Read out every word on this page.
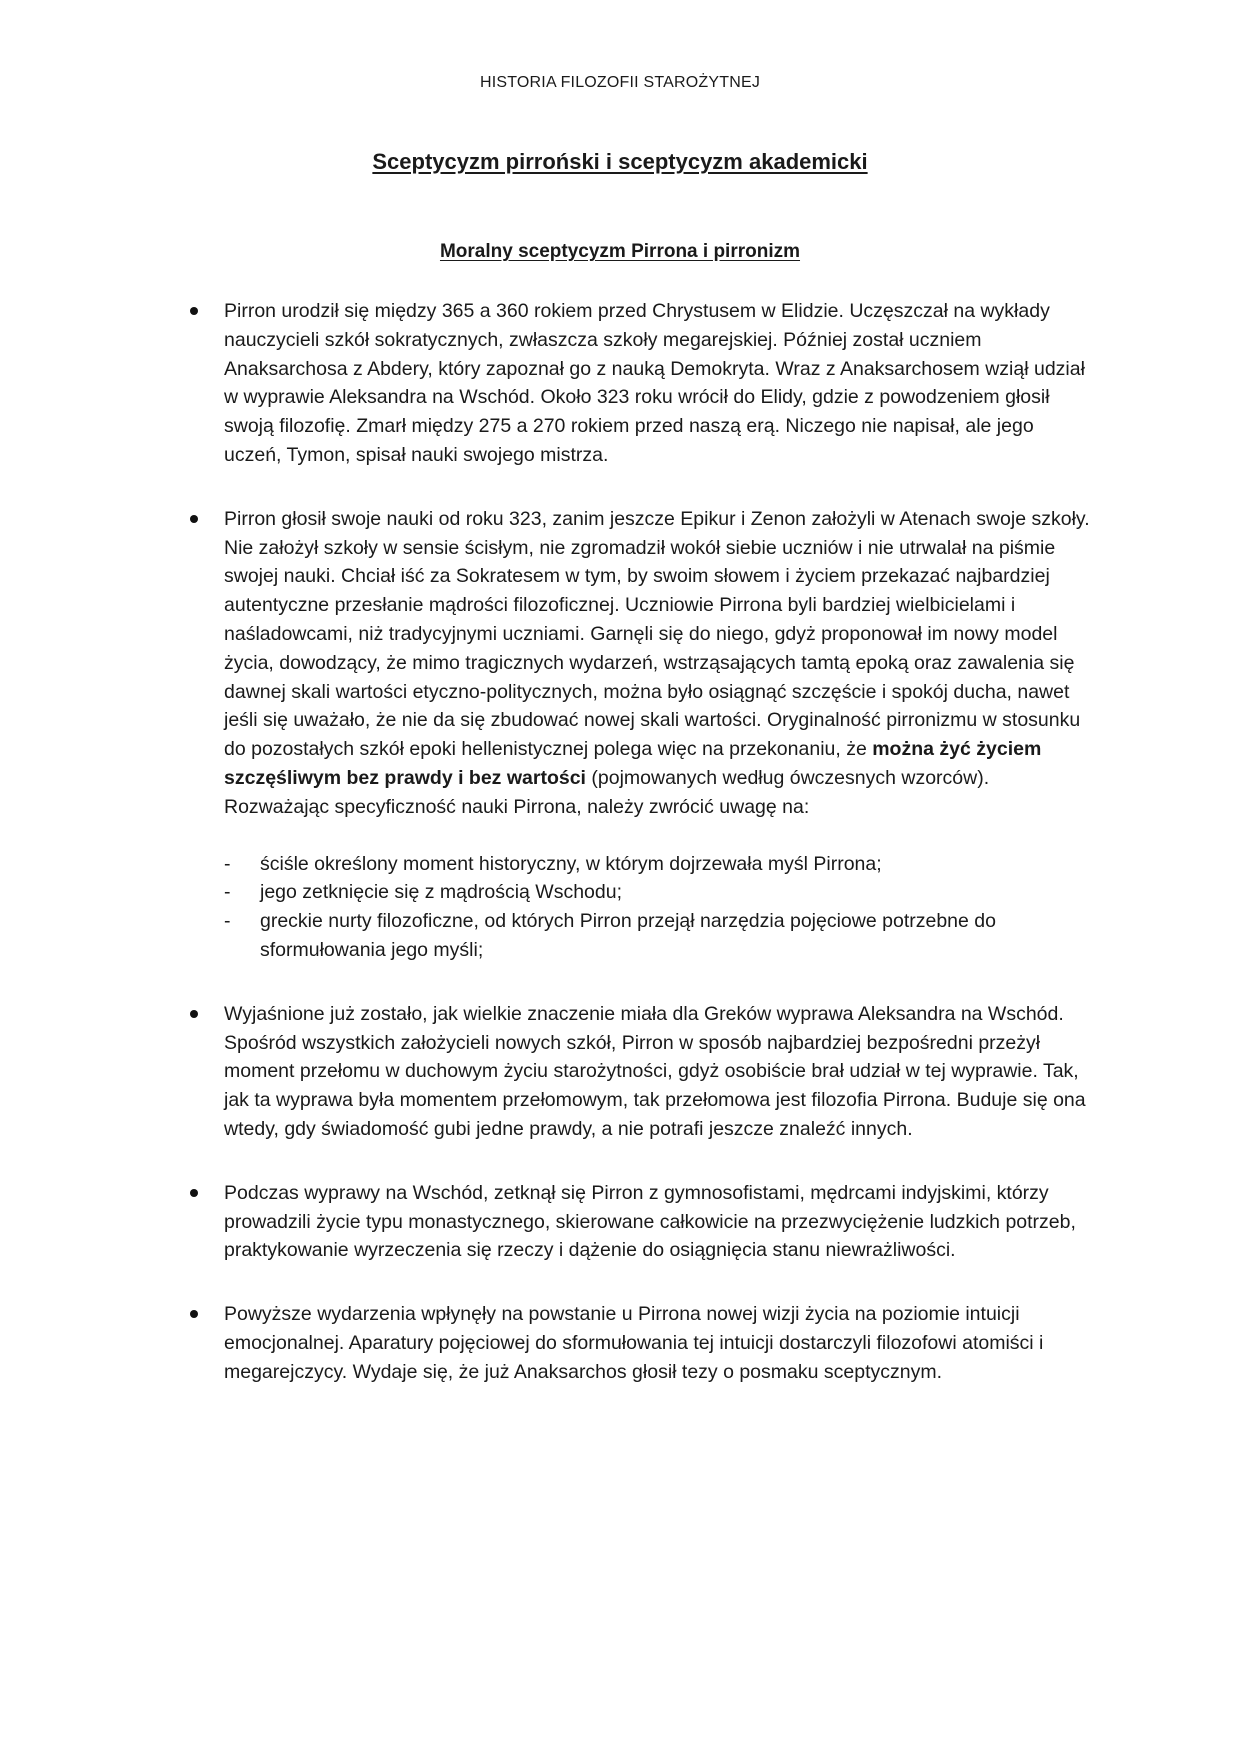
HISTORIA FILOZOFII STAROŻYTNEJ
Sceptycyzm pirroński i sceptycyzm akademicki
Moralny sceptycyzm Pirrona i pirronizm

Pirron urodził się między 365 a 360 rokiem przed Chrystusem w Elidzie. Uczęszczał na wykłady nauczycieli szkół sokratycznych, zwłaszcza szkoły megarejskiej. Później został uczniem Anaksarchosa z Abdery, który zapoznał go z nauką Demokryta. Wraz z Anaksarchosem wziął udział w wyprawie Aleksandra na Wschód. Około 323 roku wrócił do Elidy, gdzie z powodzeniem głosił swoją filozofię. Zmarł między 275 a 270 rokiem przed naszą erą. Niczego nie napisał, ale jego uczeń, Tymon, spisał nauki swojego mistrza.

Pirron głosił swoje nauki od roku 323, zanim jeszcze Epikur i Zenon założyli w Atenach swoje szkoły. Nie założył szkoły w sensie ścisłym, nie zgromadził wokół siebie uczniów i nie utrwalał na piśmie swojej nauki. Chciał iść za Sokratesem w tym, by swoim słowem i życiem przekazać najbardziej autentyczne przesłanie mądrości filozoficznej. Uczniowie Pirrona byli bardziej wielbicielami i naśladowcami, niż tradycyjnymi uczniami. Garnęli się do niego, gdyż proponował im nowy model życia, dowodzący, że mimo tragicznych wydarzeń, wstrząsających tamtą epoką oraz zawalenia się dawnej skali wartości etyczno-politycznych, można było osiągnąć szczęście i spokój ducha, nawet jeśli się uważało, że nie da się zbudować nowej skali wartości. Oryginalność pirronizmu w stosunku do pozostałych szkół epoki hellenistycznej polega więc na przekonaniu, że można żyć życiem szczęśliwym bez prawdy i bez wartości (pojmowanych według ówczesnych wzorców). Rozważając specyficzność nauki Pirrona, należy zwrócić uwagę na:

- ściśle określony moment historyczny, w którym dojrzewała myśl Pirrona;
- jego zetknięcie się z mądrością Wschodu;
- greckie nurty filozoficzne, od których Pirron przejął narzędzia pojęciowe potrzebne do sformułowania jego myśli;

Wyjaśnione już zostało, jak wielkie znaczenie miała dla Greków wyprawa Aleksandra na Wschód. Spośród wszystkich założycieli nowych szkół, Pirron w sposób najbardziej bezpośredni przeżył moment przełomu w duchowym życiu starożytności, gdyż osobiście brał udział w tej wyprawie. Tak, jak ta wyprawa była momentem przełomowym, tak przełomowa jest filozofia Pirrona. Buduje się ona wtedy, gdy świadomość gubi jedne prawdy, a nie potrafi jeszcze znaleźć innych.

Podczas wyprawy na Wschód, zetknął się Pirron z gymnosofistami, mędrcami indyjskimi, którzy prowadzili życie typu monastycznego, skierowane całkowicie na przezwyciężenie ludzkich potrzeb, praktykowanie wyrzeczenia się rzeczy i dążenie do osiągnięcia stanu niewrażliwości.

Powyższe wydarzenia wpłynęły na powstanie u Pirrona nowej wizji życia na poziomie intuicji emocjonalnej. Aparatury pojęciowej do sformułowania tej intuicji dostarczyli filozofowi atomiści i megarejczycy. Wydaje się, że już Anaksarchos głosił tezy o posmaku sceptycznym.
